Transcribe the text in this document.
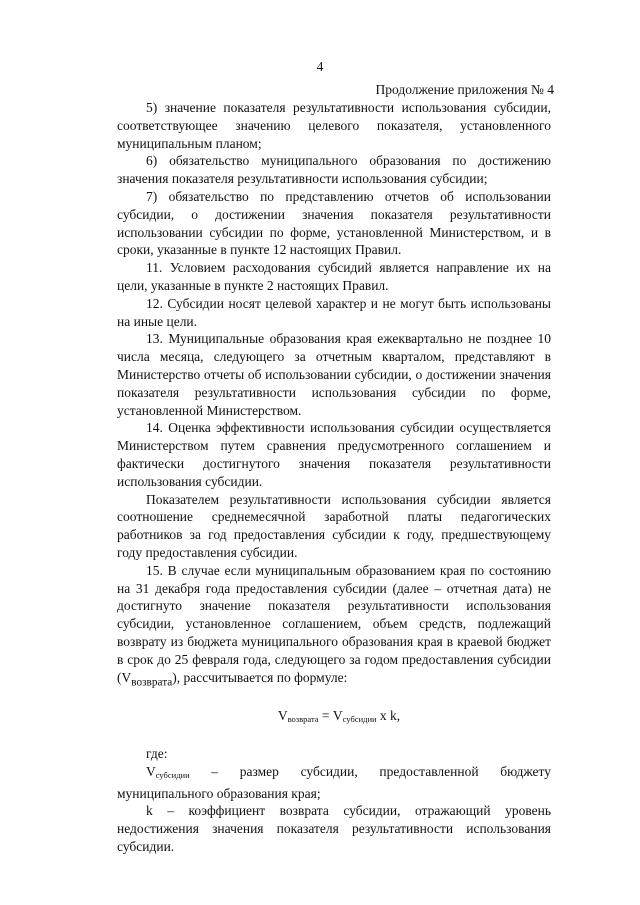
4
Продолжение приложения № 4

5) значение показателя результативности использования субсидии, соответствующее значению целевого показателя, установленного муниципальным планом;

6) обязательство муниципального образования по достижению значения показателя результативности использования субсидии;

7) обязательство по представлению отчетов об использовании субсидии, о достижении значения показателя результативности использовании субсидии по форме, установленной Министерством, и в сроки, указанные в пункте 12 настоящих Правил.

11. Условием расходования субсидий является направление их на цели, указанные в пункте 2 настоящих Правил.

12. Субсидии носят целевой характер и не могут быть использованы на иные цели.

13. Муниципальные образования края ежеквартально не позднее 10 числа месяца, следующего за отчетным кварталом, представляют в Министерство отчеты об использовании субсидии, о достижении значения показателя результативности использования субсидии по форме, установленной Министерством.

14. Оценка эффективности использования субсидии осуществляется Министерством путем сравнения предусмотренного соглашением и фактически достигнутого значения показателя результативности использования субсидии.

Показателем результативности использования субсидии является соотношение среднемесячной заработной платы педагогических работников за год предоставления субсидии к году, предшествующему году предоставления субсидии.

15. В случае если муниципальным образованием края по состоянию на 31 декабря года предоставления субсидии (далее – отчетная дата) не достигнуто значение показателя результативности использования субсидии, установленное соглашением, объем средств, подлежащий возврату из бюджета муниципального образования края в краевой бюджет в срок до 25 февраля года, следующего за годом предоставления субсидии $(V_{возврата})$, рассчитывается по формуле:

$V_{возврата} = V_{субсидии}$ x k,

где:

$V_{субсидии}$ – размер субсидии, предоставленной бюджету муниципального образования края;

k – коэффициент возврата субсидии, отражающий уровень недостижения значения показателя результативности использования субсидии.
